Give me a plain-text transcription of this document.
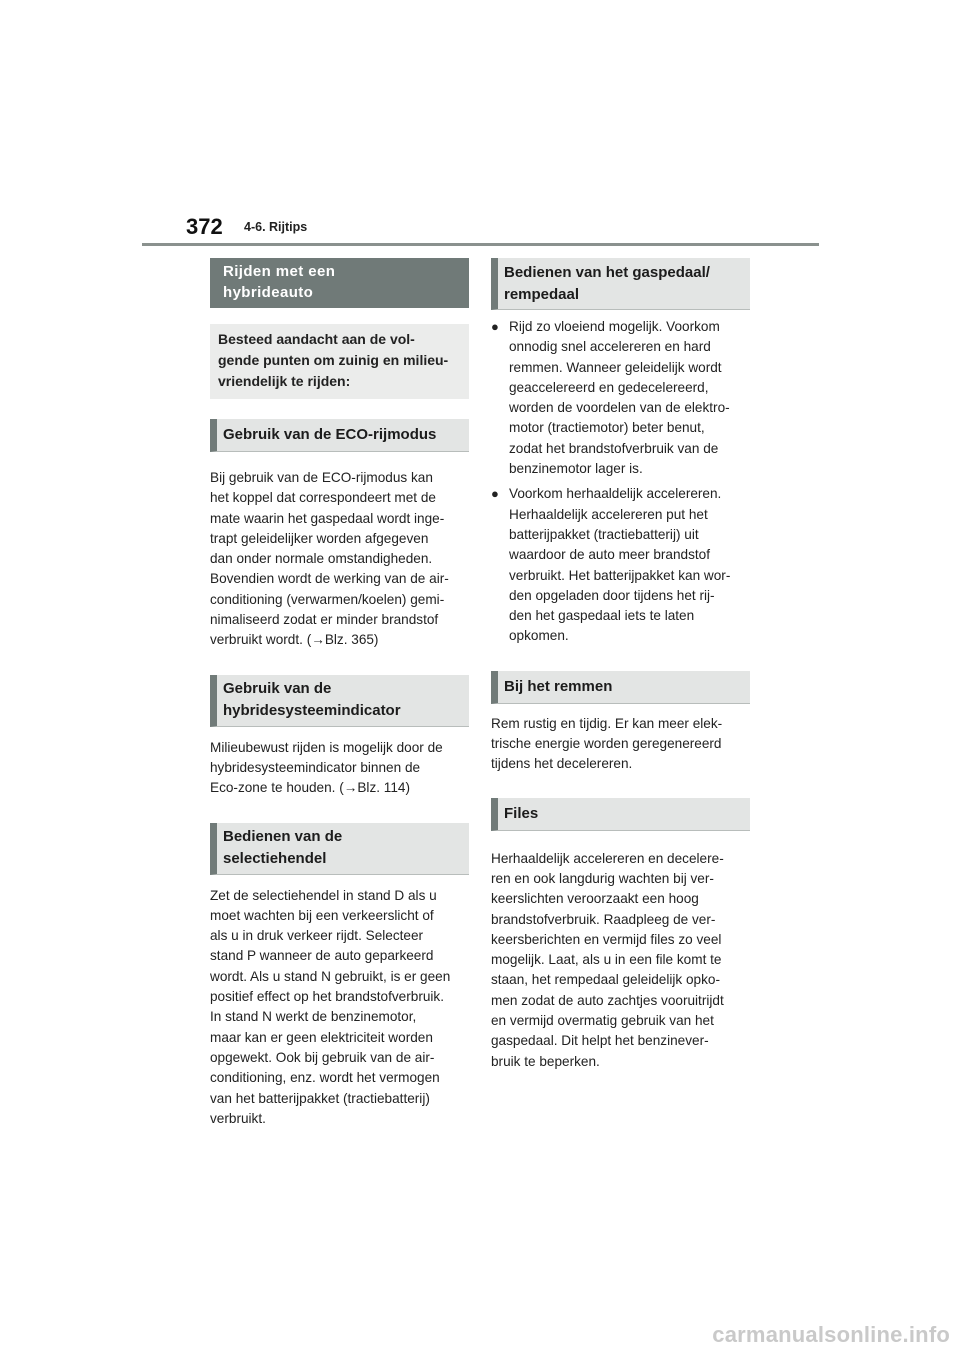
372 4-6. Rijtips
Rijden met een
hybrideauto
Besteed aandacht aan de vol-
gende punten om zuinig en milieu-
vriendelijk te rijden:
Gebruik van de ECO-rijmodus

Bij gebruik van de ECO-rijmodus kan
het koppel dat correspondeert met de
mate waarin het gaspedaal wordt inge-
trapt geleidelijker worden afgegeven
dan onder normale omstandigheden.
Bovendien wordt de werking van de air-
conditioning (verwarmen/koelen) gemi-
nimaliseerd zodat er minder brandstof
verbruikt wordt. (→Blz. 365)

Gebruik van de
hybridesysteemindicator

Milieubewust rijden is mogelijk door de
hybridesysteemindicator binnen de
Eco-zone te houden. (→Blz. 114)

Bedienen van de
selectiehendel

Zet de selectiehendel in stand D als u
moet wachten bij een verkeerslicht of
als u in druk verkeer rijdt. Selecteer
stand P wanneer de auto geparkeerd
wordt. Als u stand N gebruikt, is er geen
positief effect op het brandstofverbruik.
In stand N werkt de benzinemotor,
maar kan er geen elektriciteit worden
opgewekt. Ook bij gebruik van de air-
conditioning, enz. wordt het vermogen
van het batterijpakket (tractiebatterij)
verbruikt.

Bedienen van het gaspedaal/
rempedaal
● Rijd zo vloeiend mogelijk. Voorkom
onnodig snel accelereren en hard
remmen. Wanneer geleidelijk wordt
geaccelereerd en gedecelereerd,
worden de voordelen van de elektro-
motor (tractiemotor) beter benut,
zodat het brandstofverbruik van de
benzinemotor lager is.
● Voorkom herhaaldelijk accelereren.
Herhaaldelijk accelereren put het
batterijpakket (tractiebatterij) uit
waardoor de auto meer brandstof
verbruikt. Het batterijpakket kan wor-
den opgeladen door tijdens het rij-
den het gaspedaal iets te laten
opkomen.
Bij het remmen

Rem rustig en tijdig. Er kan meer elek-
trische energie worden geregenereerd
tijdens het decelereren.

Files

Herhaaldelijk accelereren en decelere-
ren en ook langdurig wachten bij ver-
keerslichten veroorzaakt een hoog
brandstofverbruik. Raadpleeg de ver-
keersberichten en vermijd files zo veel
mogelijk. Laat, als u in een file komt te
staan, het rempedaal geleidelijk opko-
men zodat de auto zachtjes vooruitrijdt
en vermijd overmatig gebruik van het
gaspedaal. Dit helpt het benzinever-
bruik te beperken.

carmanualsonline.info
